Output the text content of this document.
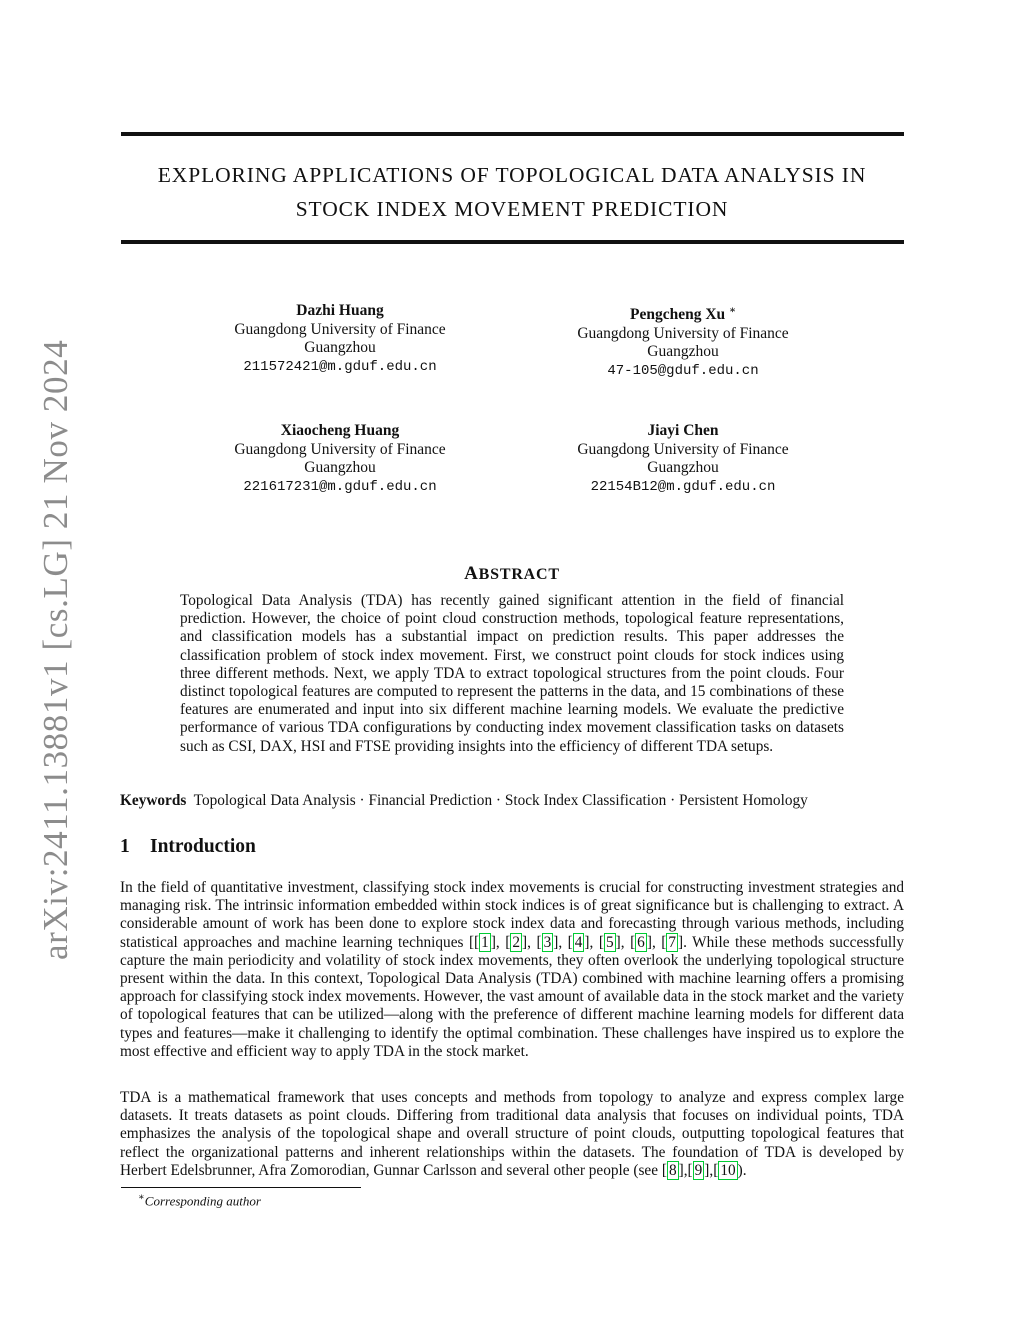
arXiv:2411.13881v1 [cs.LG] 21 Nov 2024
EXPLORING APPLICATIONS OF TOPOLOGICAL DATA ANALYSIS IN
STOCK INDEX MOVEMENT PREDICTION
Dazhi Huang
Guangdong University of Finance
Guangzhou
211572421@m.gduf.edu.cn
Pengcheng Xu ∗
Guangdong University of Finance
Guangzhou
47-105@gduf.edu.cn
Xiaocheng Huang
Guangdong University of Finance
Guangzhou
221617231@m.gduf.edu.cn
Jiayi Chen
Guangdong University of Finance
Guangzhou
22154B12@m.gduf.edu.cn
ABSTRACT
Topological Data Analysis (TDA) has recently gained significant attention in the field of financial prediction. However, the choice of point cloud construction methods, topological feature representations, and classification models has a substantial impact on prediction results. This paper addresses the classification problem of stock index movement. First, we construct point clouds for stock indices using three different methods. Next, we apply TDA to extract topological structures from the point clouds. Four distinct topological features are computed to represent the patterns in the data, and 15 combinations of these features are enumerated and input into six different machine learning models. We evaluate the predictive performance of various TDA configurations by conducting index movement classification tasks on datasets such as CSI, DAX, HSI and FTSE providing insights into the efficiency of different TDA setups.
Keywords Topological Data Analysis · Financial Prediction · Stock Index Classification · Persistent Homology
1 Introduction
In the field of quantitative investment, classifying stock index movements is crucial for constructing investment strategies and managing risk. The intrinsic information embedded within stock indices is of great significance but is challenging to extract. A considerable amount of work has been done to explore stock index data and forecasting through various methods, including statistical approaches and machine learning techniques [[ 1 ], [ 2 ], [ 3 ], [ 4 ], [ 5 ], [ 6 ], [ 7 ]. While these methods successfully capture the main periodicity and volatility of stock index movements, they often overlook the underlying topological structure present within the data. In this context, Topological Data Analysis (TDA) combined with machine learning offers a promising approach for classifying stock index movements. However, the vast amount of available data in the stock market and the variety of topological features that can be utilized—along with the preference of different machine learning models for different data types and features—make it challenging to identify the optimal combination. These challenges have inspired us to explore the most effective and efficient way to apply TDA in the stock market.
TDA is a mathematical framework that uses concepts and methods from topology to analyze and express complex large datasets. It treats datasets as point clouds. Differing from traditional data analysis that focuses on individual points, TDA emphasizes the analysis of the topological shape and overall structure of point clouds, outputting topological features that reflect the organizational patterns and inherent relationships within the datasets. The foundation of TDA is developed by Herbert Edelsbrunner, Afra Zomorodian, Gunnar Carlsson and several other people (see [ 8 ],[ 9 ],[ 10 ).
∗Corresponding author
